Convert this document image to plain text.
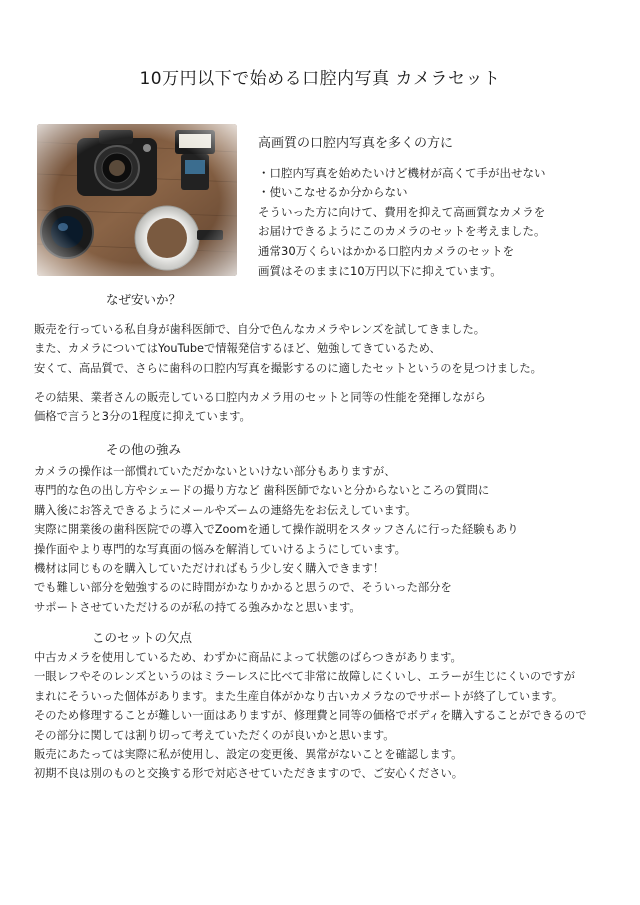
10万円以下で始める口腔内写真 カメラセット
高画質の口腔内写真を多くの方に

・口腔内写真を始めたいけど機材が高くて手が出せない

・使いこなせるか分からない

そういった方に向けて、費用を抑えて高画質なカメラを

お届けできるようにこのカメラのセットを考えました。

通常30万くらいはかかる口腔内カメラのセットを

画質はそのままに10万円以下に抑えています。

なぜ安いか？

販売を行っている私自身が歯科医師で、自分で色んなカメラやレンズを試してきました。

また、カメラについてはYouTubeで情報発信するほど、勉強してきているため、

安くて、高品質で、さらに歯科の口腔内写真を撮影するのに適したセットというのを見つけました。

その結果、業者さんの販売している口腔内カメラ用のセットと同等の性能を発揮しながら

価格で言うと3分の1程度に抑えています。

その他の強み

カメラの操作は一部慣れていただかないといけない部分もありますが、

専門的な色の出し方やシェードの撮り方など 歯科医師でないと分からないところの質問に

購入後にお答えできるようにメールやズームの連絡先をお伝えしています。

実際に開業後の歯科医院での導入でZoomを通して操作説明をスタッフさんに行った経験もあり

操作面やより専門的な写真面の悩みを解消していけるようにしています。

機材は同じものを購入していただければもう少し安く購入できます！

でも難しい部分を勉強するのに時間がかなりかかると思うので、そういった部分を

サポートさせていただけるのが私の持てる強みかなと思います。

このセットの欠点

中古カメラを使用しているため、わずかに商品によって状態のばらつきがあります。

一眼レフやそのレンズというのはミラーレスに比べて非常に故障しにくいし、エラーが生じにくいのですが

まれにそういった個体があります。また生産自体がかなり古いカメラなのでサポートが終了しています。

そのため修理することが難しい一面はありますが、修理費と同等の価格でボディを購入することができるので

その部分に関しては割り切って考えていただくのが良いかと思います。

販売にあたっては実際に私が使用し、設定の変更後、異常がないことを確認します。

初期不良は別のものと交換する形で対応させていただきますので、ご安心ください。
